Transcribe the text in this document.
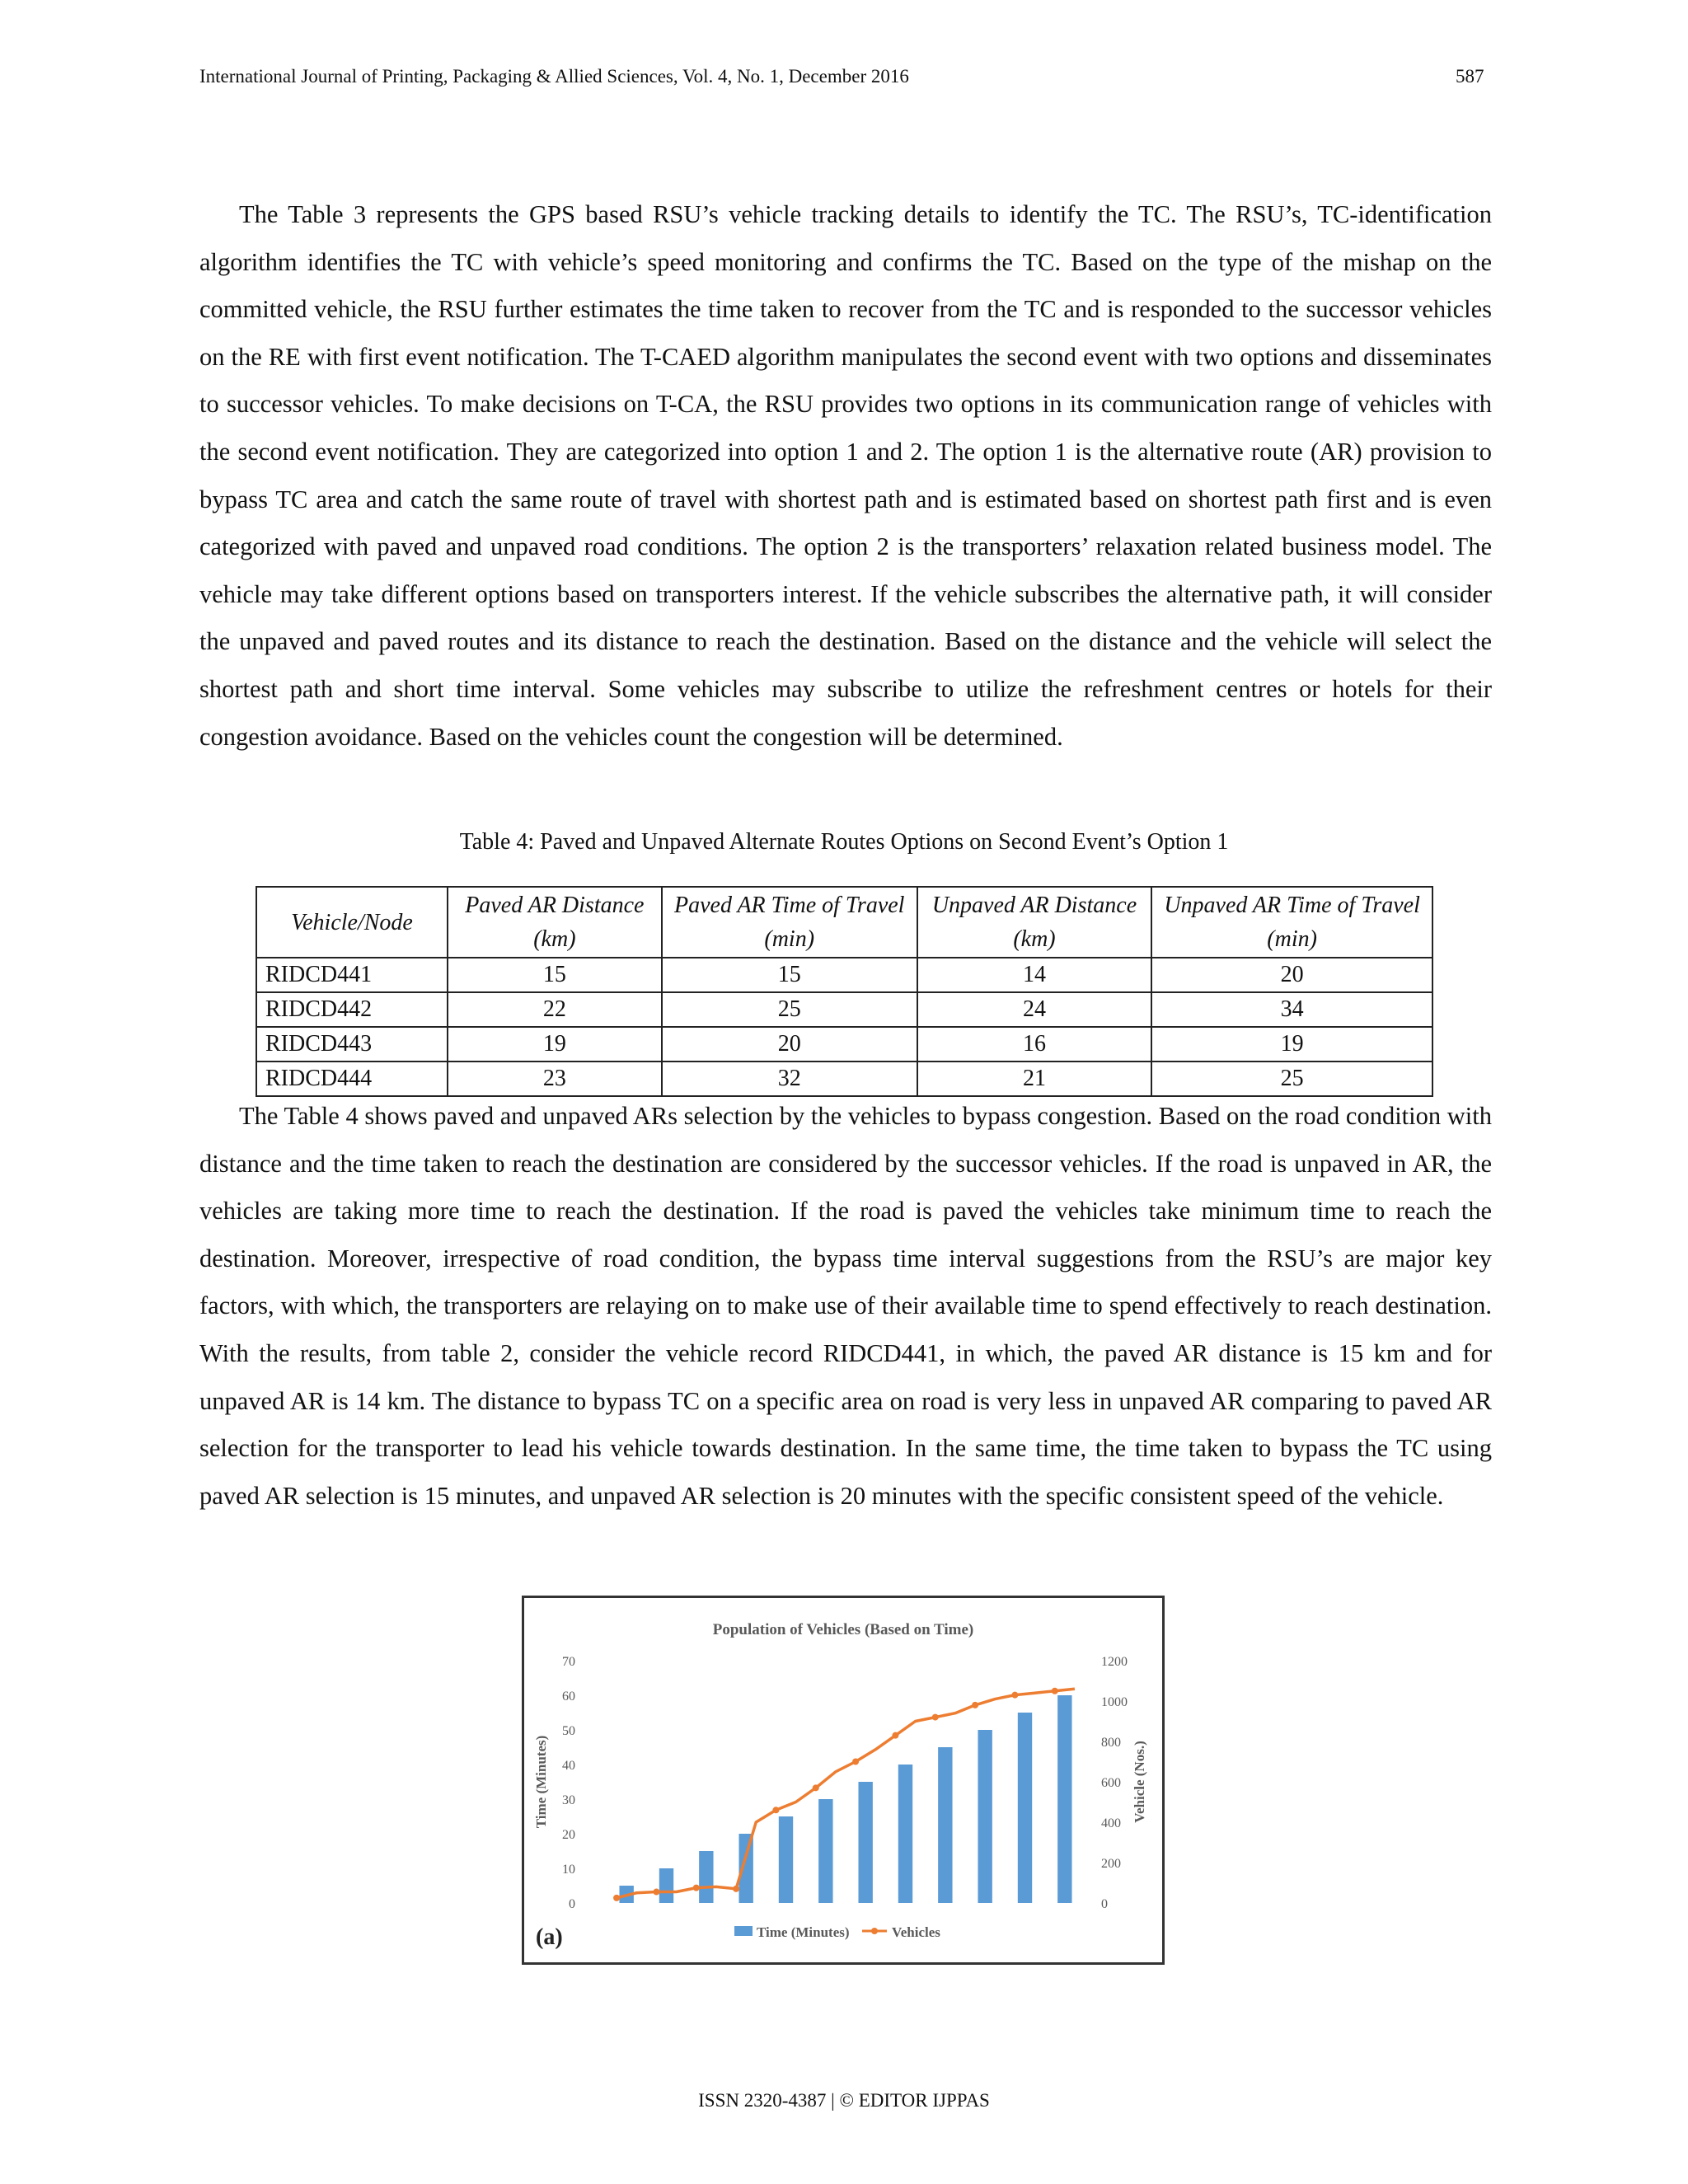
International Journal of Printing, Packaging & Allied Sciences, Vol. 4, No. 1, December 2016	587

The Table 3 represents the GPS based RSU’s vehicle tracking details to identify the TC. The RSU’s, TC-identification algorithm identifies the TC with vehicle’s speed monitoring and confirms the TC. Based on the type of the mishap on the committed vehicle, the RSU further estimates the time taken to recover from the TC and is responded to the successor vehicles on the RE with first event notification. The T-CAED algorithm manipulates the second event with two options and disseminates to successor vehicles. To make decisions on T-CA, the RSU provides two options in its communication range of vehicles with the second event notification. They are categorized into option 1 and 2. The option 1 is the alternative route (AR) provision to bypass TC area and catch the same route of travel with shortest path and is estimated based on shortest path first and is even categorized with paved and unpaved road conditions. The option 2 is the transporters’ relaxation related business model. The vehicle may take different options based on transporters interest. If the vehicle subscribes the alternative path, it will consider the unpaved and paved routes and its distance to reach the destination. Based on the distance and the vehicle will select the shortest path and short time interval. Some vehicles may subscribe to utilize the refreshment centres or hotels for their congestion avoidance. Based on the vehicles count the congestion will be determined.

Table 4: Paved and Unpaved Alternate Routes Options on Second Event’s Option 1

Vehicle/Node	Paved AR Distance (km)	Paved AR Time of Travel (min)	Unpaved AR Distance (km)	Unpaved AR Time of Travel (min)
RIDCD441	15	15	14	20
RIDCD442	22	25	24	34
RIDCD443	19	20	16	19
RIDCD444	23	32	21	25

The Table 4 shows paved and unpaved ARs selection by the vehicles to bypass congestion. Based on the road condition with distance and the time taken to reach the destination are considered by the successor vehicles. If the road is unpaved in AR, the vehicles are taking more time to reach the destination. If the road is paved the vehicles take minimum time to reach the destination. Moreover, irrespective of road condition, the bypass time interval suggestions from the RSU’s are major key factors, with which, the transporters are relaying on to make use of their available time to spend effectively to reach destination. With the results, from table 2, consider the vehicle record RIDCD441, in which, the paved AR distance is 15 km and for unpaved AR is 14 km. The distance to bypass TC on a specific area on road is very less in unpaved AR comparing to paved AR selection for the transporter to lead his vehicle towards destination. In the same time, the time taken to bypass the TC using paved AR selection is 15 minutes, and unpaved AR selection is 20 minutes with the specific consistent speed of the vehicle.

Population of Vehicles (Based on Time)
0
10
20
30
40
50
60
70
0
200
400
600
800
1000
1200
Time (Minutes)	Vehicle (Nos.)
(a)	Time (Minutes)	Vehicles
ISSN 2320-4387 | © EDITOR IJPPAS
